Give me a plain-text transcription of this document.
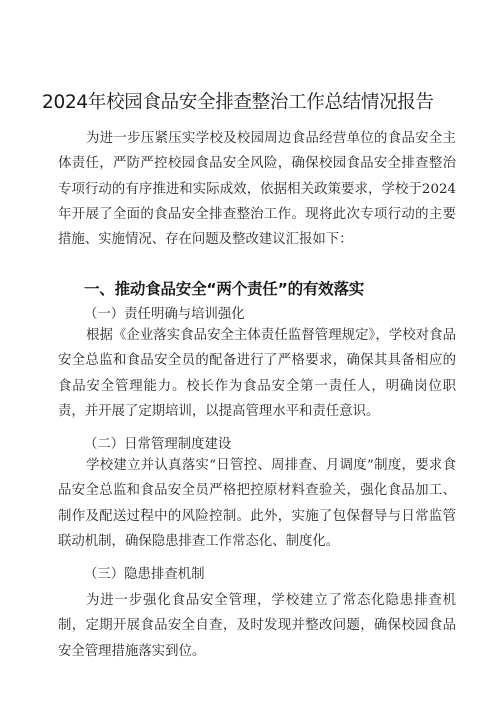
2024年校园食品安全排查整治工作总结情况报告

为进一步压紧压实学校及校园周边食品经营单位的食品安全主体责任，严防严控校园食品安全风险，确保校园食品安全排查整治专项行动的有序推进和实际成效，依据相关政策要求，学校于2024年开展了全面的食品安全排查整治工作。现将此次专项行动的主要措施、实施情况、存在问题及整改建议汇报如下：

一、推动食品安全“两个责任”的有效落实
（一）责任明确与培训强化

根据《企业落实食品安全主体责任监督管理规定》，学校对食品安全总监和食品安全员的配备进行了严格要求，确保其具备相应的食品安全管理能力。校长作为食品安全第一责任人，明确岗位职责，并开展了定期培训，以提高管理水平和责任意识。

（二）日常管理制度建设

学校建立并认真落实“日管控、周排查、月调度”制度，要求食品安全总监和食品安全员严格把控原材料查验关，强化食品加工、制作及配送过程中的风险控制。此外，实施了包保督导与日常监管联动机制，确保隐患排查工作常态化、制度化。

（三）隐患排查机制

为进一步强化食品安全管理，学校建立了常态化隐患排查机制，定期开展食品安全自查，及时发现并整改问题，确保校园食品安全管理措施落实到位。
